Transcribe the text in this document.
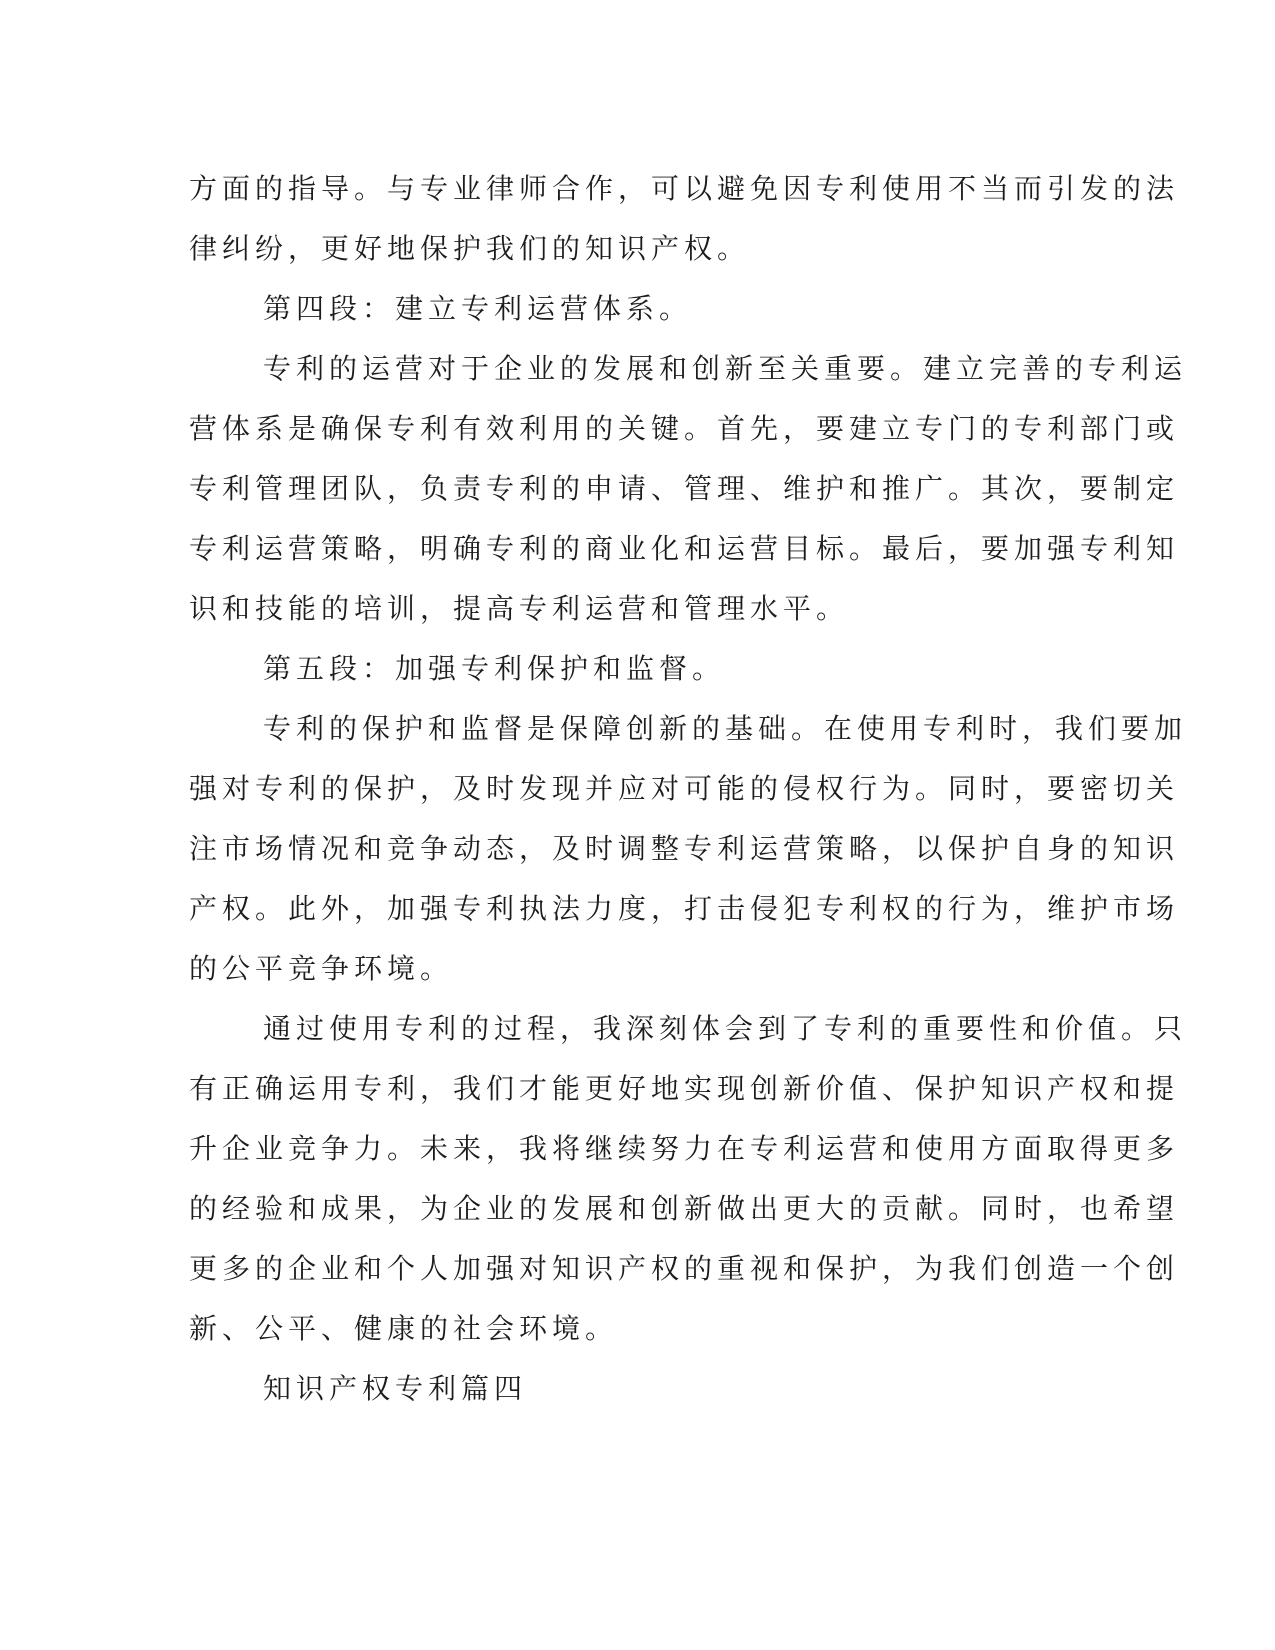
方面的指导。与专业律师合作，可以避免因专利使用不当而引发的法
律纠纷，更好地保护我们的知识产权。
第四段：建立专利运营体系。
专利的运营对于企业的发展和创新至关重要。建立完善的专利运
营体系是确保专利有效利用的关键。首先，要建立专门的专利部门或
专利管理团队，负责专利的申请、管理、维护和推广。其次，要制定
专利运营策略，明确专利的商业化和运营目标。最后，要加强专利知
识和技能的培训，提高专利运营和管理水平。
第五段：加强专利保护和监督。
专利的保护和监督是保障创新的基础。在使用专利时，我们要加
强对专利的保护，及时发现并应对可能的侵权行为。同时，要密切关
注市场情况和竞争动态，及时调整专利运营策略，以保护自身的知识
产权。此外，加强专利执法力度，打击侵犯专利权的行为，维护市场
的公平竞争环境。
通过使用专利的过程，我深刻体会到了专利的重要性和价值。只
有正确运用专利，我们才能更好地实现创新价值、保护知识产权和提
升企业竞争力。未来，我将继续努力在专利运营和使用方面取得更多
的经验和成果，为企业的发展和创新做出更大的贡献。同时，也希望
更多的企业和个人加强对知识产权的重视和保护，为我们创造一个创
新、公平、健康的社会环境。
知识产权专利篇四
